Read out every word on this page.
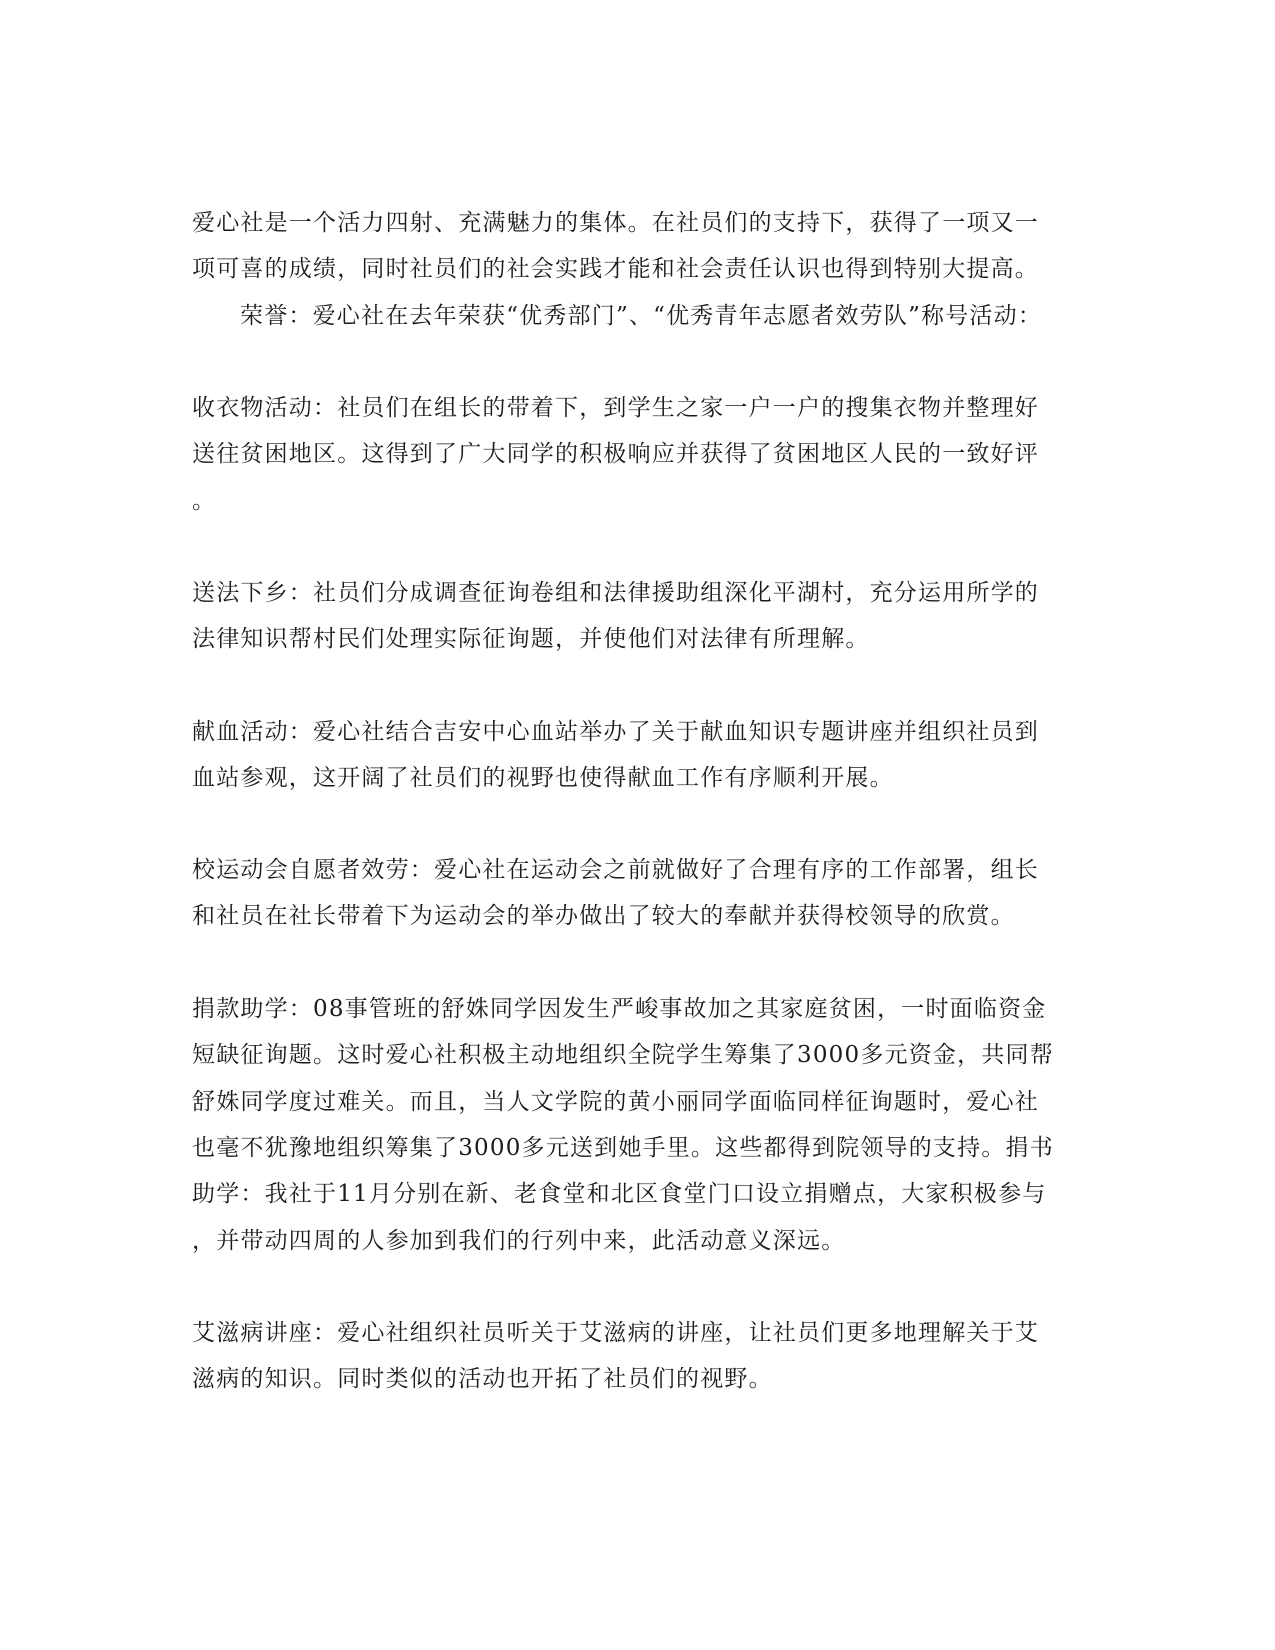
爱心社是一个活力四射、充满魅力的集体。在社员们的支持下，获得了一项又一
项可喜的成绩，同时社员们的社会实践才能和社会责任认识也得到特别大提高。
荣誉：爱心社在去年荣获“优秀部门”、“优秀青年志愿者效劳队”称号活动：
收衣物活动：社员们在组长的带着下，到学生之家一户一户的搜集衣物并整理好
送往贫困地区。这得到了广大同学的积极响应并获得了贫困地区人民的一致好评
。
送法下乡：社员们分成调查征询卷组和法律援助组深化平湖村，充分运用所学的
法律知识帮村民们处理实际征询题，并使他们对法律有所理解。
献血活动：爱心社结合吉安中心血站举办了关于献血知识专题讲座并组织社员到
血站参观，这开阔了社员们的视野也使得献血工作有序顺利开展。
校运动会自愿者效劳：爱心社在运动会之前就做好了合理有序的工作部署，组长
和社员在社长带着下为运动会的举办做出了较大的奉献并获得校领导的欣赏。
捐款助学：08事管班的舒姝同学因发生严峻事故加之其家庭贫困，一时面临资金
短缺征询题。这时爱心社积极主动地组织全院学生筹集了3000多元资金，共同帮
舒姝同学度过难关。而且，当人文学院的黄小丽同学面临同样征询题时，爱心社
也毫不犹豫地组织筹集了3000多元送到她手里。这些都得到院领导的支持。捐书
助学：我社于11月分别在新、老食堂和北区食堂门口设立捐赠点，大家积极参与
，并带动四周的人参加到我们的行列中来，此活动意义深远。
艾滋病讲座：爱心社组织社员听关于艾滋病的讲座，让社员们更多地理解关于艾
滋病的知识。同时类似的活动也开拓了社员们的视野。
